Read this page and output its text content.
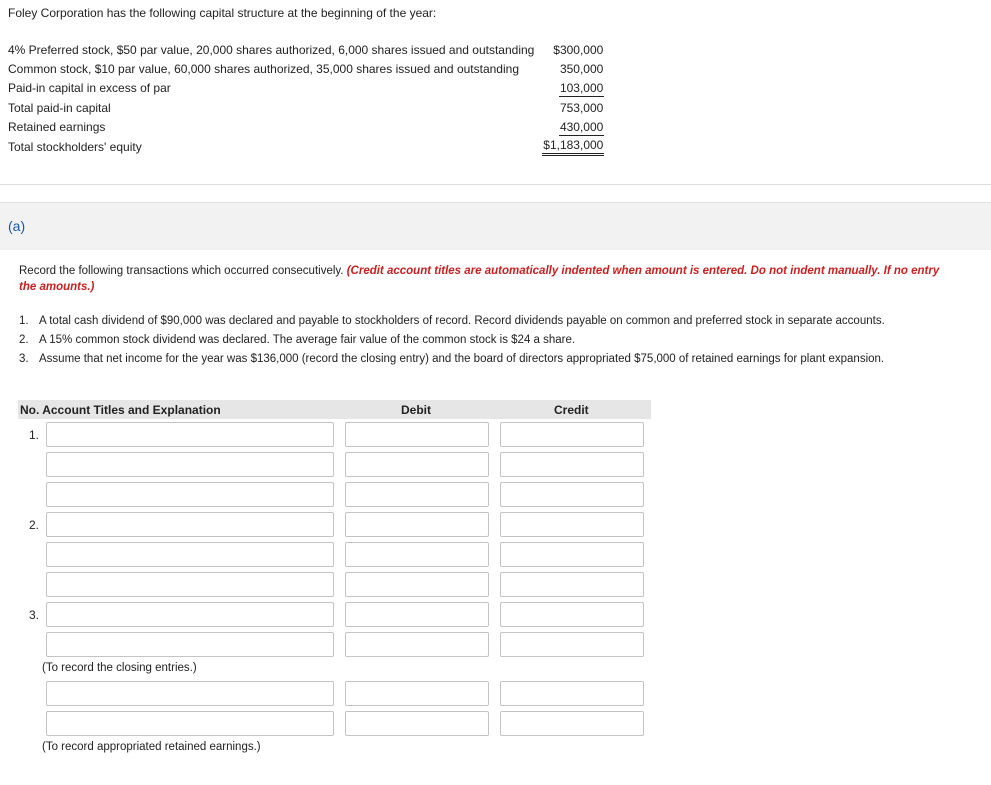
Foley Corporation has the following capital structure at the beginning of the year:
4% Preferred stock, $50 par value, 20,000 shares authorized, 6,000 shares issued and outstanding	$300,000
Common stock, $10 par value, 60,000 shares authorized, 35,000 shares issued and outstanding	350,000
Paid-in capital in excess of par	103,000
Total paid-in capital	753,000
Retained earnings	430,000
Total stockholders' equity	$1,183,000
(a)
Record the following transactions which occurred consecutively. (Credit account titles are automatically indented when amount is entered. Do not indent manually. If no entry
the amounts.)
1. A total cash dividend of $90,000 was declared and payable to stockholders of record. Record dividends payable on common and preferred stock in separate accounts.
2. A 15% common stock dividend was declared. The average fair value of the common stock is $24 a share.
3. Assume that net income for the year was $136,000 (record the closing entry) and the board of directors appropriated $75,000 of retained earnings for plant expansion.
No. Account Titles and Explanation	Debit	Credit
1.
2.
3.
(To record the closing entries.)
(To record appropriated retained earnings.)
